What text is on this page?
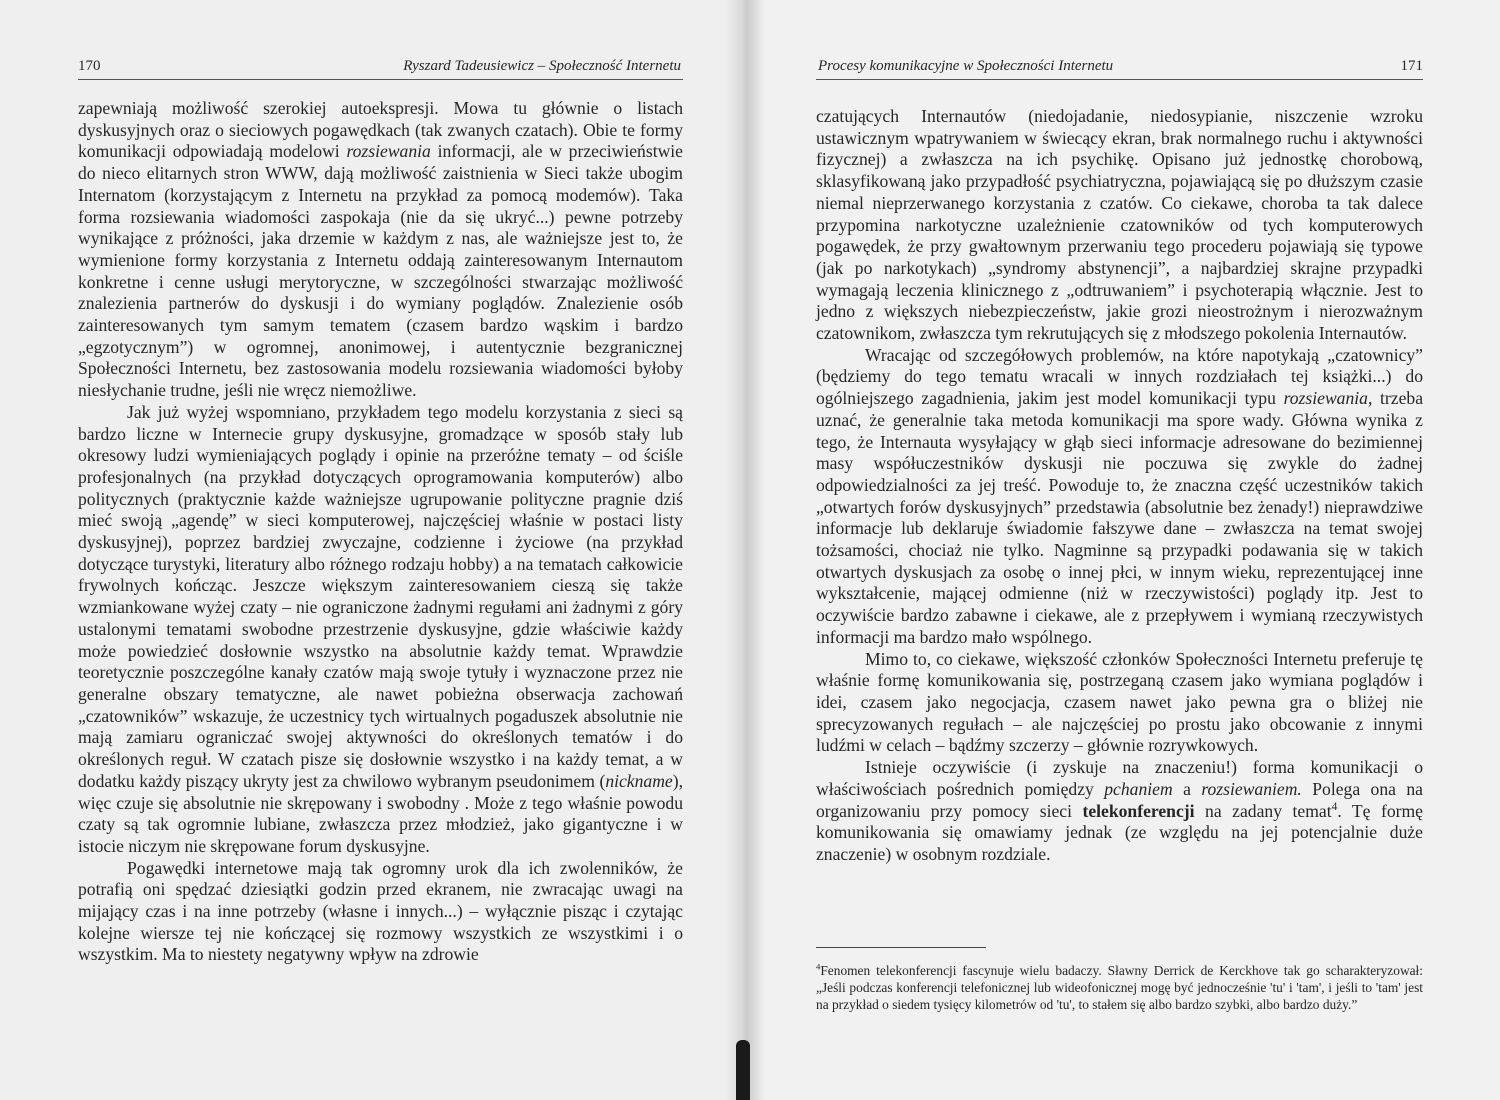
170	Ryszard Tadeusiewicz – Społeczność Internetu

zapewniają możliwość szerokiej autoekspresji. Mowa tu głównie o listach dyskusyjnych oraz o sieciowych pogawędkach (tak zwanych czatach). Obie te formy komunikacji odpowiadają modelowi rozsiewania informacji, ale w przeciwieństwie do nieco elitarnych stron WWW, dają możliwość zaistnienia w Sieci także ubogim Internatom (korzystającym z Internetu na przykład za pomocą modemów). Taka forma rozsiewania wiadomości zaspokaja (nie da się ukryć...) pewne potrzeby wynikające z próżności, jaka drzemie w każdym z nas, ale ważniejsze jest to, że wymienione formy korzystania z Internetu oddają zainteresowanym Internautom konkretne i cenne usługi merytoryczne, w szczególności stwarzając możliwość znalezienia partnerów do dyskusji i do wymiany poglądów. Znalezienie osób zainteresowanych tym samym tematem (czasem bardzo wąskim i bardzo „egzotycznym”) w ogromnej, anonimowej, i autentycznie bezgranicznej Społeczności Internetu, bez zastosowania modelu rozsiewania wiadomości byłoby niesłychanie trudne, jeśli nie wręcz niemożliwe.

Jak już wyżej wspomniano, przykładem tego modelu korzystania z sieci są bardzo liczne w Internecie grupy dyskusyjne, gromadzące w sposób stały lub okresowy ludzi wymieniających poglądy i opinie na przeróżne tematy – od ściśle profesjonalnych (na przykład dotyczących oprogramowania komputerów) albo politycznych (praktycznie każde ważniejsze ugrupowanie polityczne pragnie dziś mieć swoją „agendę” w sieci komputerowej, najczęściej właśnie w postaci listy dyskusyjnej), poprzez bardziej zwyczajne, codzienne i życiowe (na przykład dotyczące turystyki, literatury albo różnego rodzaju hobby) a na tematach całkowicie frywolnych kończąc. Jeszcze większym zainteresowaniem cieszą się także wzmiankowane wyżej czaty – nie ograniczone żadnymi regułami ani żadnymi z góry ustalonymi tematami swobodne przestrzenie dyskusyjne, gdzie właściwie każdy może powiedzieć dosłownie wszystko na absolutnie każdy temat. Wprawdzie teoretycznie poszczególne kanały czatów mają swoje tytuły i wyznaczone przez nie generalne obszary tematyczne, ale nawet pobieżna obserwacja zachowań „czatowników” wskazuje, że uczestnicy tych wirtualnych pogaduszek absolutnie nie mają zamiaru ograniczać swojej aktywności do określonych tematów i do określonych reguł. W czatach pisze się dosłownie wszystko i na każdy temat, a w dodatku każdy piszący ukryty jest za chwilowo wybranym pseudonimem (nickname), więc czuje się absolutnie nie skrępowany i swobodny . Może z tego właśnie powodu czaty są tak ogromnie lubiane, zwłaszcza przez młodzież, jako gigantyczne i w istocie niczym nie skrępowane forum dyskusyjne.

Pogawędki internetowe mają tak ogromny urok dla ich zwolenników, że potrafią oni spędzać dziesiątki godzin przed ekranem, nie zwracając uwagi na mijający czas i na inne potrzeby (własne i innych...) – wyłącznie pisząc i czytając kolejne wiersze tej nie kończącej się rozmowy wszystkich ze wszystkimi i o wszystkim. Ma to niestety negatywny wpływ na zdrowie

Procesy komunikacyjne w Społeczności Internetu	171

czatujących Internautów (niedojadanie, niedosypianie, niszczenie wzroku ustawicznym wpatrywaniem w świecący ekran, brak normalnego ruchu i aktywności fizycznej) a zwłaszcza na ich psychikę. Opisano już jednostkę chorobową, sklasyfikowaną jako przypadłość psychiatryczna, pojawiającą się po dłuższym czasie niemal nieprzerwanego korzystania z czatów. Co ciekawe, choroba ta tak dalece przypomina narkotyczne uzależnienie czatowników od tych komputerowych pogawędek, że przy gwałtownym przerwaniu tego procederu pojawiają się typowe (jak po narkotykach) „syndromy abstynencji”, a najbardziej skrajne przypadki wymagają leczenia klinicznego z „odtruwaniem” i psychoterapią włącznie. Jest to jedno z większych niebezpieczeństw, jakie grozi nieostrożnym i nierozważnym czatownikom, zwłaszcza tym rekrutujących się z młodszego pokolenia Internautów.

Wracając od szczegółowych problemów, na które napotykają „czatownicy” (będziemy do tego tematu wracali w innych rozdziałach tej książki...) do ogólniejszego zagadnienia, jakim jest model komunikacji typu rozsiewania, trzeba uznać, że generalnie taka metoda komunikacji ma spore wady. Główna wynika z tego, że Internauta wysyłający w głąb sieci informacje adresowane do bezimiennej masy współuczestników dyskusji nie poczuwa się zwykle do żadnej odpowiedzialności za jej treść. Powoduje to, że znaczna część uczestników takich „otwartych forów dyskusyjnych” przedstawia (absolutnie bez żenady!) nieprawdziwe informacje lub deklaruje świadomie fałszywe dane – zwłaszcza na temat swojej tożsamości, chociaż nie tylko. Nagminne są przypadki podawania się w takich otwartych dyskusjach za osobę o innej płci, w innym wieku, reprezentującej inne wykształcenie, mającej odmienne (niż w rzeczywistości) poglądy itp. Jest to oczywiście bardzo zabawne i ciekawe, ale z przepływem i wymianą rzeczywistych informacji ma bardzo mało wspólnego.

Mimo to, co ciekawe, większość członków Społeczności Internetu preferuje tę właśnie formę komunikowania się, postrzeganą czasem jako wymiana poglądów i idei, czasem jako negocjacja, czasem nawet jako pewna gra o bliżej nie sprecyzowanych regułach – ale najczęściej po prostu jako obcowanie z innymi ludźmi w celach – bądźmy szczerzy – głównie rozrywkowych.

Istnieje oczywiście (i zyskuje na znaczeniu!) forma komunikacji o właściwościach pośrednich pomiędzy pchaniem a rozsiewaniem. Polega ona na organizowaniu przy pomocy sieci telekonferencji na zadany temat$^4$. Tę formę komunikowania się omawiamy jednak (ze względu na jej potencjalnie duże znaczenie) w osobnym rozdziale.

$^4$Fenomen telekonferencji fascynuje wielu badaczy. Sławny Derrick de Kerckhove tak go scharakteryzował: „Jeśli podczas konferencji telefonicznej lub wideofonicznej mogę być jednocześnie 'tu' i 'tam', i jeśli to 'tam' jest na przykład o siedem tysięcy kilometrów od 'tu', to stałem się albo bardzo szybki, albo bardzo duży.”
